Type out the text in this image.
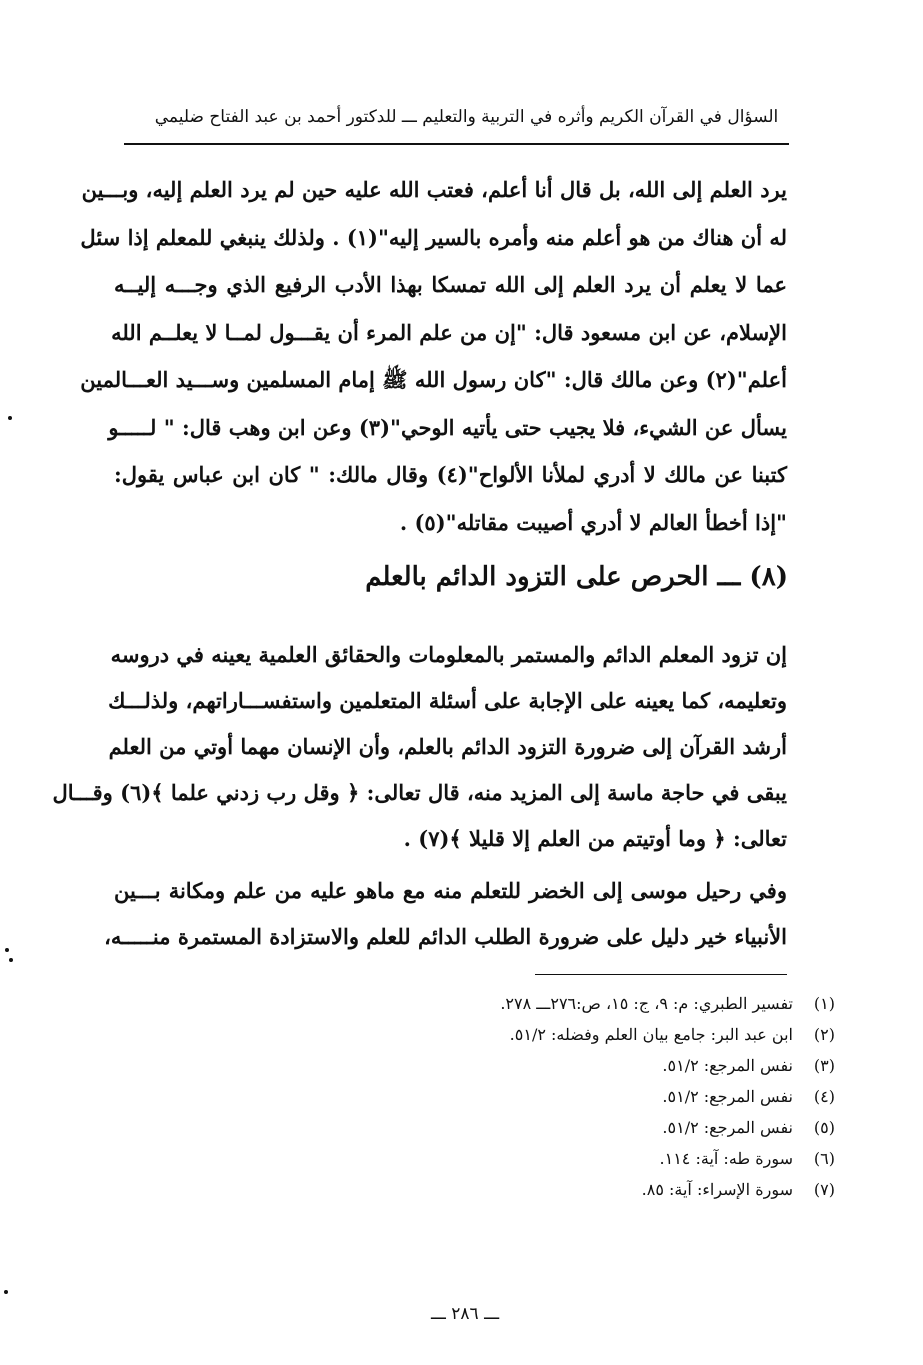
السؤال في القرآن الكريم وأثره في التربية والتعليم ـــ للدكتور أحمد بن عبد الفتاح ضليمي
يرد العلم إلى الله، بل قال أنا أعلم، فعتب الله عليه حين لم يرد العلم إليه، وبـــين
له أن هناك من هو أعلم منه وأمره بالسير إليه"(١) . ولذلك ينبغي للمعلم إذا سئل
عما لا يعلم أن يرد العلم إلى الله تمسكا بهذا الأدب الرفيع الذي وجـــه إليــه
الإسلام، عن ابن مسعود قال: "إن من علم المرء أن يقـــول لمــا لا يعلــم الله
أعلم"(٢) وعن مالك قال: "كان رسول الله ﷺ إمام المسلمين وســـيد العـــالمين
يسأل عن الشيء، فلا يجيب حتى يأتيه الوحي"(٣) وعن ابن وهب قال: " لـــــو
كتبنا عن مالك لا أدري لملأنا الألواح"(٤) وقال مالك: " كان ابن عباس يقول:
"إذا أخطأ العالم لا أدري أصيبت مقاتله"(٥) .
(٨) ـــ الحرص على التزود الدائم بالعلم
إن تزود المعلم الدائم والمستمر بالمعلومات والحقائق العلمية يعينه في دروسه
وتعليمه، كما يعينه على الإجابة على أسئلة المتعلمين واستفســـاراتهم، ولذلـــك
أرشد القرآن إلى ضرورة التزود الدائم بالعلم، وأن الإنسان مهما أوتي من العلم
يبقى في حاجة ماسة إلى المزيد منه، قال تعالى: ﴿ وقل رب زدني علما ﴾(٦) وقـــال
تعالى: ﴿ وما أوتيتم من العلم إلا قليلا ﴾(٧) .
وفي رحيل موسى إلى الخضر للتعلم منه مع ماهو عليه من علم ومكانة بـــين
الأنبياء خير دليل على ضرورة الطلب الدائم للعلم والاستزادة المستمرة منـــــه،
(١)تفسير الطبري: م: ٩، ج: ١٥، ص:٢٧٦ـــ ٢٧٨.
(٢)ابن عبد البر: جامع بيان العلم وفضله: ٥١/٢.
(٣)نفس المرجع: ٥١/٢.
(٤)نفس المرجع: ٥١/٢.
(٥)نفس المرجع: ٥١/٢.
(٦)سورة طه: آية: ١١٤.
(٧)سورة الإسراء: آية: ٨٥.
ـــ ٢٨٦ ـــ
